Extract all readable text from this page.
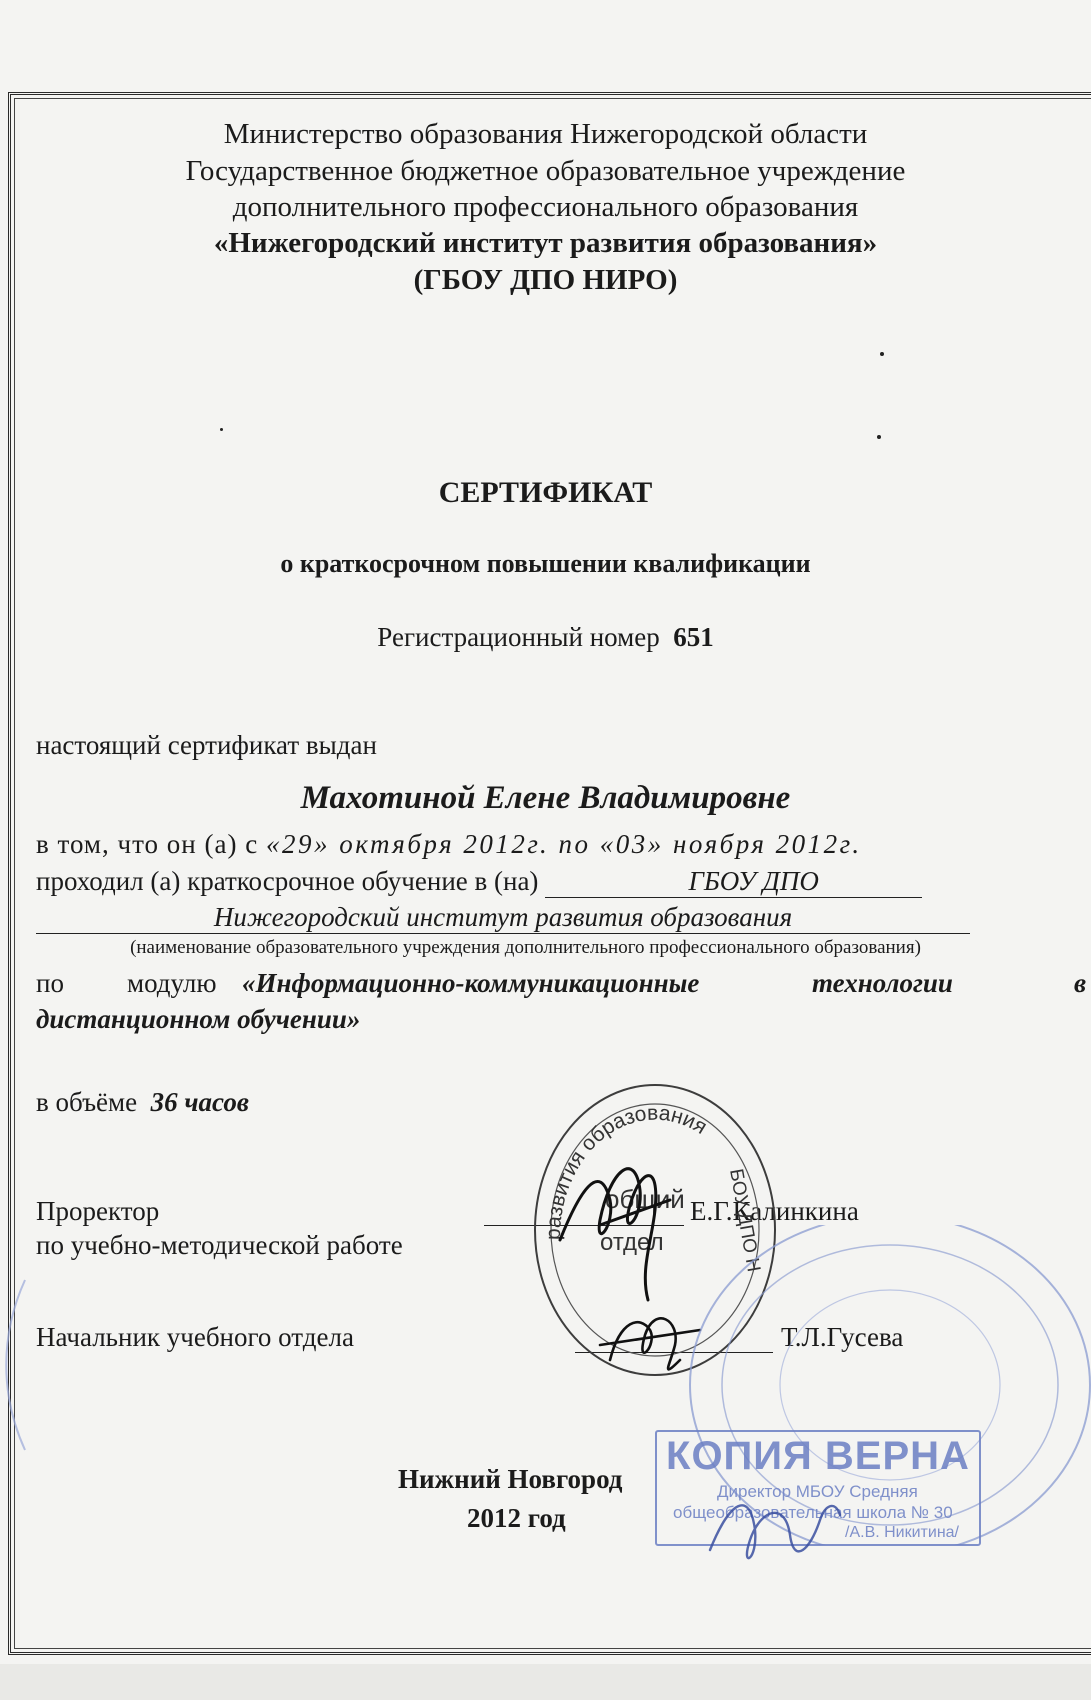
Министерство образования Нижегородской области
Государственное бюджетное образовательное учреждение
дополнительного профессионального образования
«Нижегородский институт развития образования»
(ГБОУ ДПО НИРО)
СЕРТИФИКАТ
о краткосрочном повышении квалификации
Регистрационный номер 651
настоящий сертификат выдан
Махотиной Елене Владимировне
в том, что он (а) с «29» октября 2012г. по «03» ноября 2012г.
проходил (а) краткосрочное обучение в (на)	ГБОУ ДПО
Нижегородский институт развития образования
(наименование образовательного учреждения дополнительного профессионального образования)
по модулю «Информационно-коммуникационные	технологии	в
дистанционном обучении»
в объёме 36 часов
Проректор
по учебно-методической работе
Е.Г.Калинкина
Начальник учебного отдела	Т.Л.Гусева
развития образования
общий
отдел	БОУ ДПО Н
КОПИЯ ВЕРНА
Директор МБОУ Средняя
общеобразовательная школа № 30
/А.В. Никитина/
Нижний Новгород
2012 год
